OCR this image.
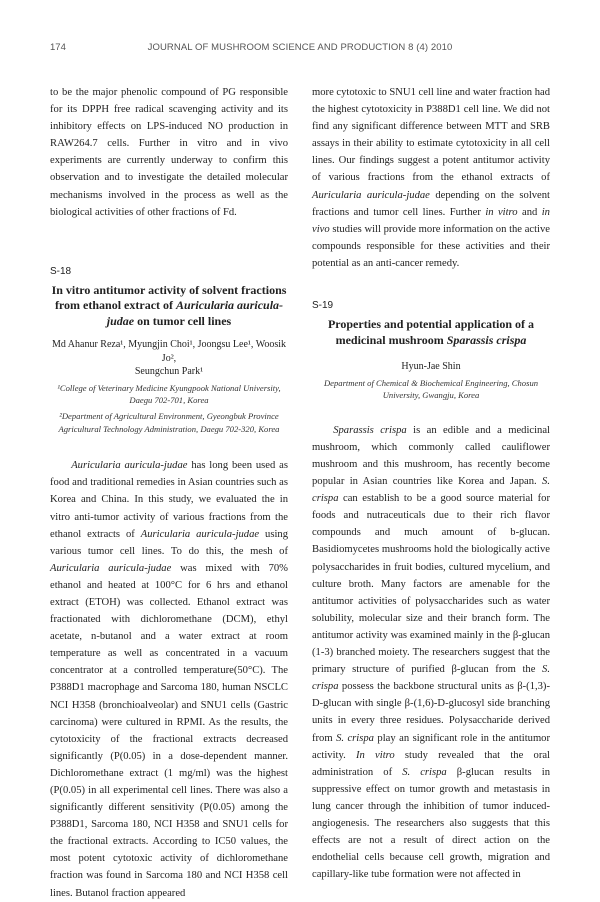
174	JOURNAL OF MUSHROOM SCIENCE AND PRODUCTION 8 (4) 2010

to be the major phenolic compound of PG responsible for its DPPH free radical scavenging activity and its inhibitory effects on LPS-induced NO production in RAW264.7 cells. Further in vitro and in vivo experiments are currently underway to confirm this observation and to investigate the detailed molecular mechanisms involved in the process as well as the biological activities of other fractions of Fd.

S-18

In vitro antitumor activity of solvent fractions from ethanol extract of Auricularia auricula-judae on tumor cell lines

Md Ahanur Reza¹, Myungjin Choi¹, Joongsu Lee¹, Woosik Jo²,

Seungchun Park¹

¹College of Veterinary Medicine Kyungpook National University, Daegu 702-701, Korea

²Department of Agricultural Environment, Gyeongbuk Province Agricultural Technology Administration, Daegu 702-320, Korea

Auricularia auricula-judae has long been used as food and traditional remedies in Asian countries such as Korea and China. In this study, we evaluated the in vitro anti-tumor activity of various fractions from the ethanol extracts of Auricularia auricula-judae using various tumor cell lines. To do this, the mesh of Auricularia auricula-judae was mixed with 70% ethanol and heated at 100°C for 6 hrs and ethanol extract (ETOH) was collected. Ethanol extract was fractionated with dichloromethane (DCM), ethyl acetate, n-butanol and a water extract at room temperature as well as concentrated in a vacuum concentrator at a controlled temperature(50°C). The P388D1 macrophage and Sarcoma 180, human NSCLC NCI H358 (bronchioalveolar) and SNU1 cells (Gastric carcinoma) were cultured in RPMI. As the results, the cytotoxicity of the fractional extracts decreased significantly (P(0.05) in a dose-dependent manner. Dichloromethane extract (1 mg/ml) was the highest (P(0.05) in all experimental cell lines. There was also a significantly different sensitivity (P(0.05) among the P388D1, Sarcoma 180, NCI H358 and SNU1 cells for the fractional extracts. According to IC50 values, the most potent cytotoxic activity of dichloromethane fraction was found in Sarcoma 180 and NCI H358 cell lines. Butanol fraction appeared

more cytotoxic to SNU1 cell line and water fraction had the highest cytotoxicity in P388D1 cell line. We did not find any significant difference between MTT and SRB assays in their ability to estimate cytotoxicity in all cell lines. Our findings suggest a potent antitumor activity of various fractions from the ethanol extracts of Auricularia auricula-judae depending on the solvent fractions and tumor cell lines. Further in vitro and in vivo studies will provide more information on the active compounds responsible for these activities and their potential as an anti-cancer remedy.

S-19

Properties and potential application of a medicinal mushroom Sparassis crispa

Hyun-Jae Shin

Department of Chemical & Biochemical Engineering, Chosun University, Gwangju, Korea

Sparassis crispa is an edible and a medicinal mushroom, which commonly called cauliflower mushroom and this mushroom, has recently become popular in Asian countries like Korea and Japan. S. crispa can establish to be a good source material for foods and nutraceuticals due to their rich flavor compounds and much amount of b-glucan. Basidiomycetes mushrooms hold the biologically active polysaccharides in fruit bodies, cultured mycelium, and culture broth. Many factors are amenable for the antitumor activities of polysaccharides such as water solubility, molecular size and their branch form. The antitumor activity was examined mainly in the β-glucan (1-3) branched moiety. The researchers suggest that the primary structure of purified β-glucan from the S. crispa possess the backbone structural units as β-(1,3)-D-glucan with single β-(1,6)-D-glucosyl side branching units in every three residues. Polysaccharide derived from S. crispa play an significant role in the antitumor activity. In vitro study revealed that the oral administration of S. crispa β-glucan results in suppressive effect on tumor growth and metastasis in lung cancer through the inhibition of tumor induced-angiogenesis. The researchers also suggests that this effects are not a result of direct action on the endothelial cells because cell growth, migration and capillary-like tube formation were not affected in
